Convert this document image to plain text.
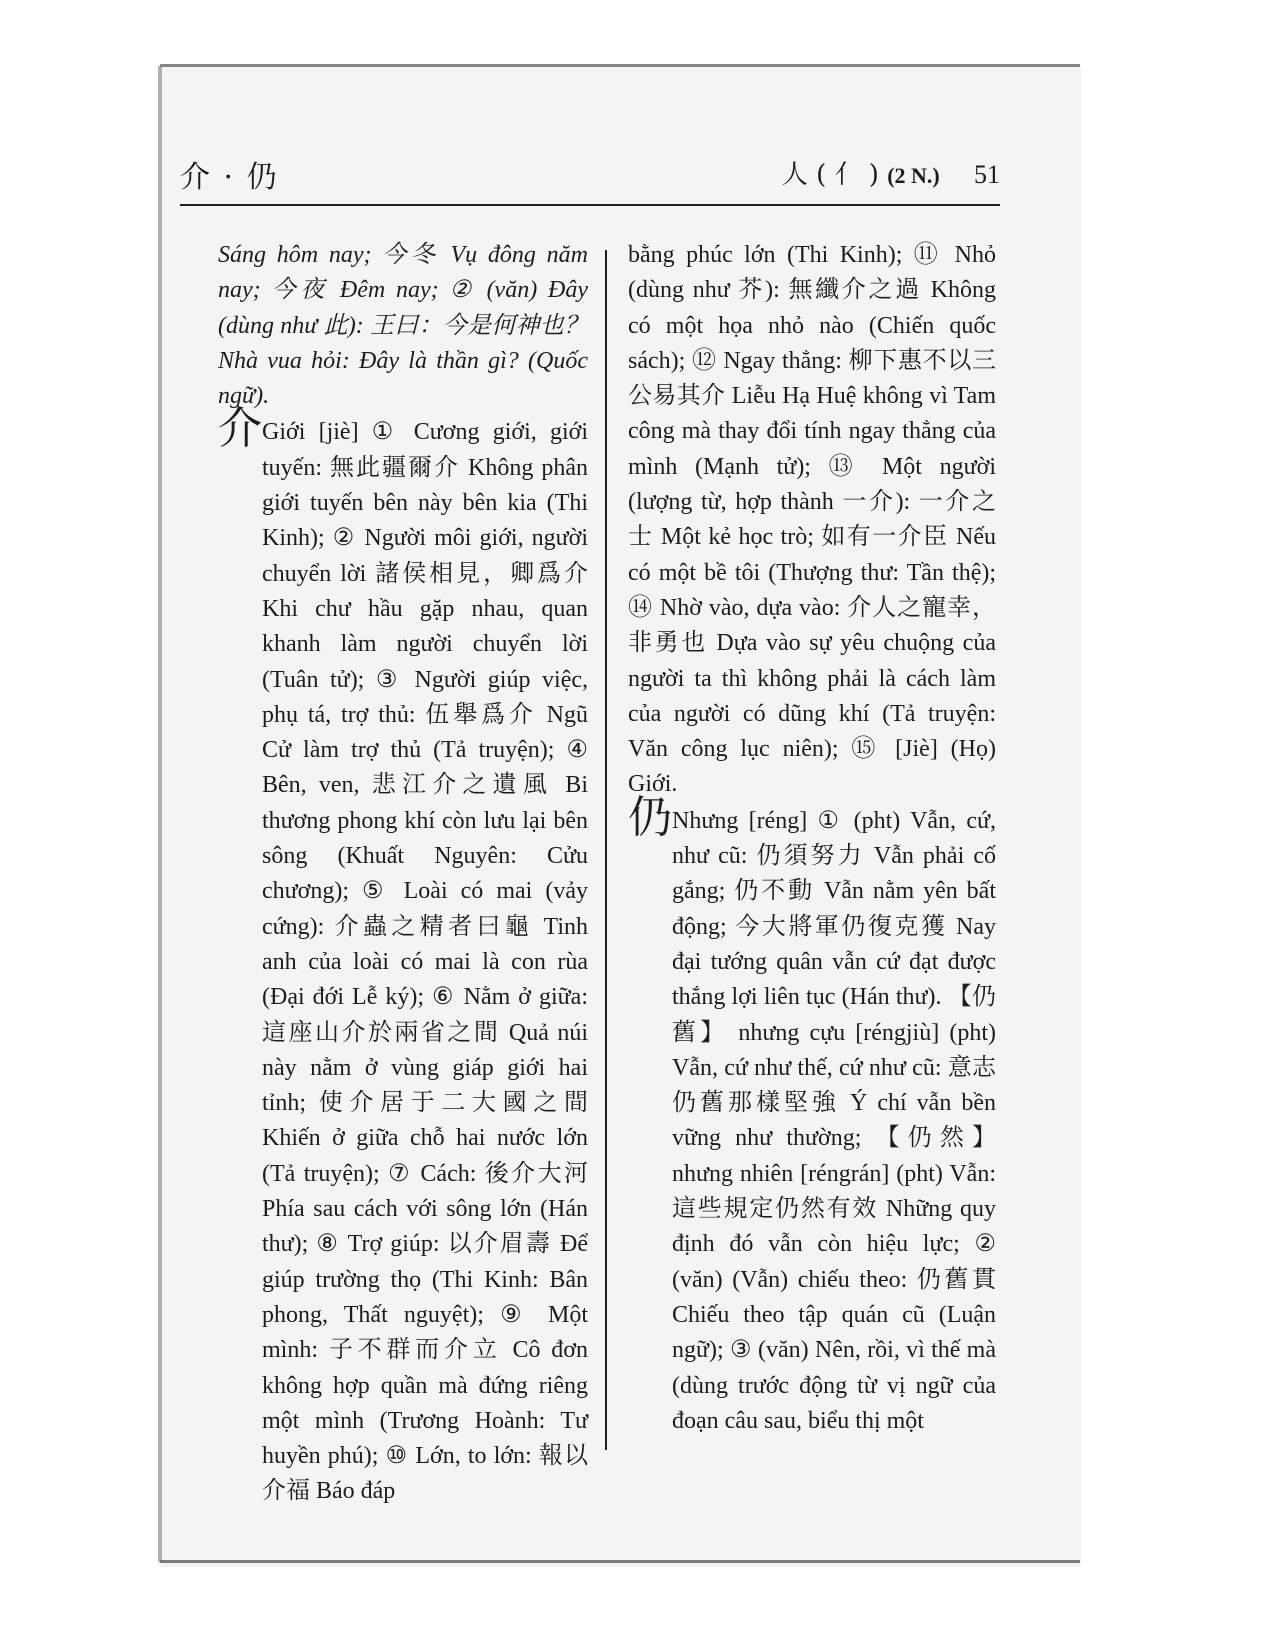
介 · 仍	人 ( 亻 ) (2 N.) 51

Sáng hôm nay; 今冬 Vụ đông năm nay; 今夜 Đêm nay; ② (văn) Đây (dùng như 此): 王曰：今是何神也？Nhà vua hỏi: Đây là thần gì? (Quốc ngữ).

介Giới [jiè] ① Cương giới, giới tuyến: 無此疆爾介 Không phân giới tuyến bên này bên kia (Thi Kinh); ② Người môi giới, người chuyển lời 諸侯相見，卿爲介 Khi chư hầu gặp nhau, quan khanh làm người chuyển lời (Tuân tử); ③ Người giúp việc, phụ tá, trợ thủ: 伍舉爲介 Ngũ Cử làm trợ thủ (Tả truyện); ④ Bên, ven, 悲江介之遺風 Bi thương phong khí còn lưu lại bên sông (Khuất Nguyên: Cửu chương); ⑤ Loài có mai (vảy cứng): 介蟲之精者曰龜 Tinh anh của loài có mai là con rùa (Đại đới Lễ ký); ⑥ Nằm ở giữa: 這座山介於兩省之間 Quả núi này nằm ở vùng giáp giới hai tỉnh; 使介居于二大國之間 Khiến ở giữa chỗ hai nước lớn (Tả truyện); ⑦ Cách: 後介大河 Phía sau cách với sông lớn (Hán thư); ⑧ Trợ giúp: 以介眉壽 Để giúp trường thọ (Thi Kinh: Bân phong, Thất nguyệt); ⑨ Một mình: 子不群而介立 Cô đơn không hợp quần mà đứng riêng một mình (Trương Hoành: Tư huyền phú); ⑩ Lớn, to lớn: 報以介福 Báo đáp

bằng phúc lớn (Thi Kinh); ⑪ Nhỏ (dùng như 芥): 無纖介之過 Không có một họa nhỏ nào (Chiến quốc sách); ⑫ Ngay thẳng: 柳下惠不以三公易其介 Liễu Hạ Huệ không vì Tam công mà thay đổi tính ngay thẳng của mình (Mạnh tử); ⑬ Một người (lượng từ, hợp thành 一介): 一介之士 Một kẻ học trò; 如有一介臣 Nếu có một bề tôi (Thượng thư: Tần thệ); ⑭ Nhờ vào, dựa vào: 介人之寵幸，非勇也 Dựa vào sự yêu chuộng của người ta thì không phải là cách làm của người có dũng khí (Tả truyện: Văn công lục niên); ⑮ [Jiè] (Họ) Giới.

仍Nhưng [réng] ① (pht) Vẫn, cứ, như cũ: 仍須努力 Vẫn phải cố gắng; 仍不動 Vẫn nằm yên bất động; 今大將軍仍復克獲 Nay đại tướng quân vẫn cứ đạt được thắng lợi liên tục (Hán thư). 【仍舊】 nhưng cựu [réngjiù] (pht) Vẫn, cứ như thế, cứ như cũ: 意志仍舊那樣堅強 Ý chí vẫn bền vững như thường; 【仍然】 nhưng nhiên [réngrán] (pht) Vẫn: 這些規定仍然有效 Những quy định đó vẫn còn hiệu lực; ② (văn) (Vẫn) chiếu theo: 仍舊貫 Chiếu theo tập quán cũ (Luận ngữ); ③ (văn) Nên, rồi, vì thế mà (dùng trước động từ vị ngữ của đoạn câu sau, biểu thị một
